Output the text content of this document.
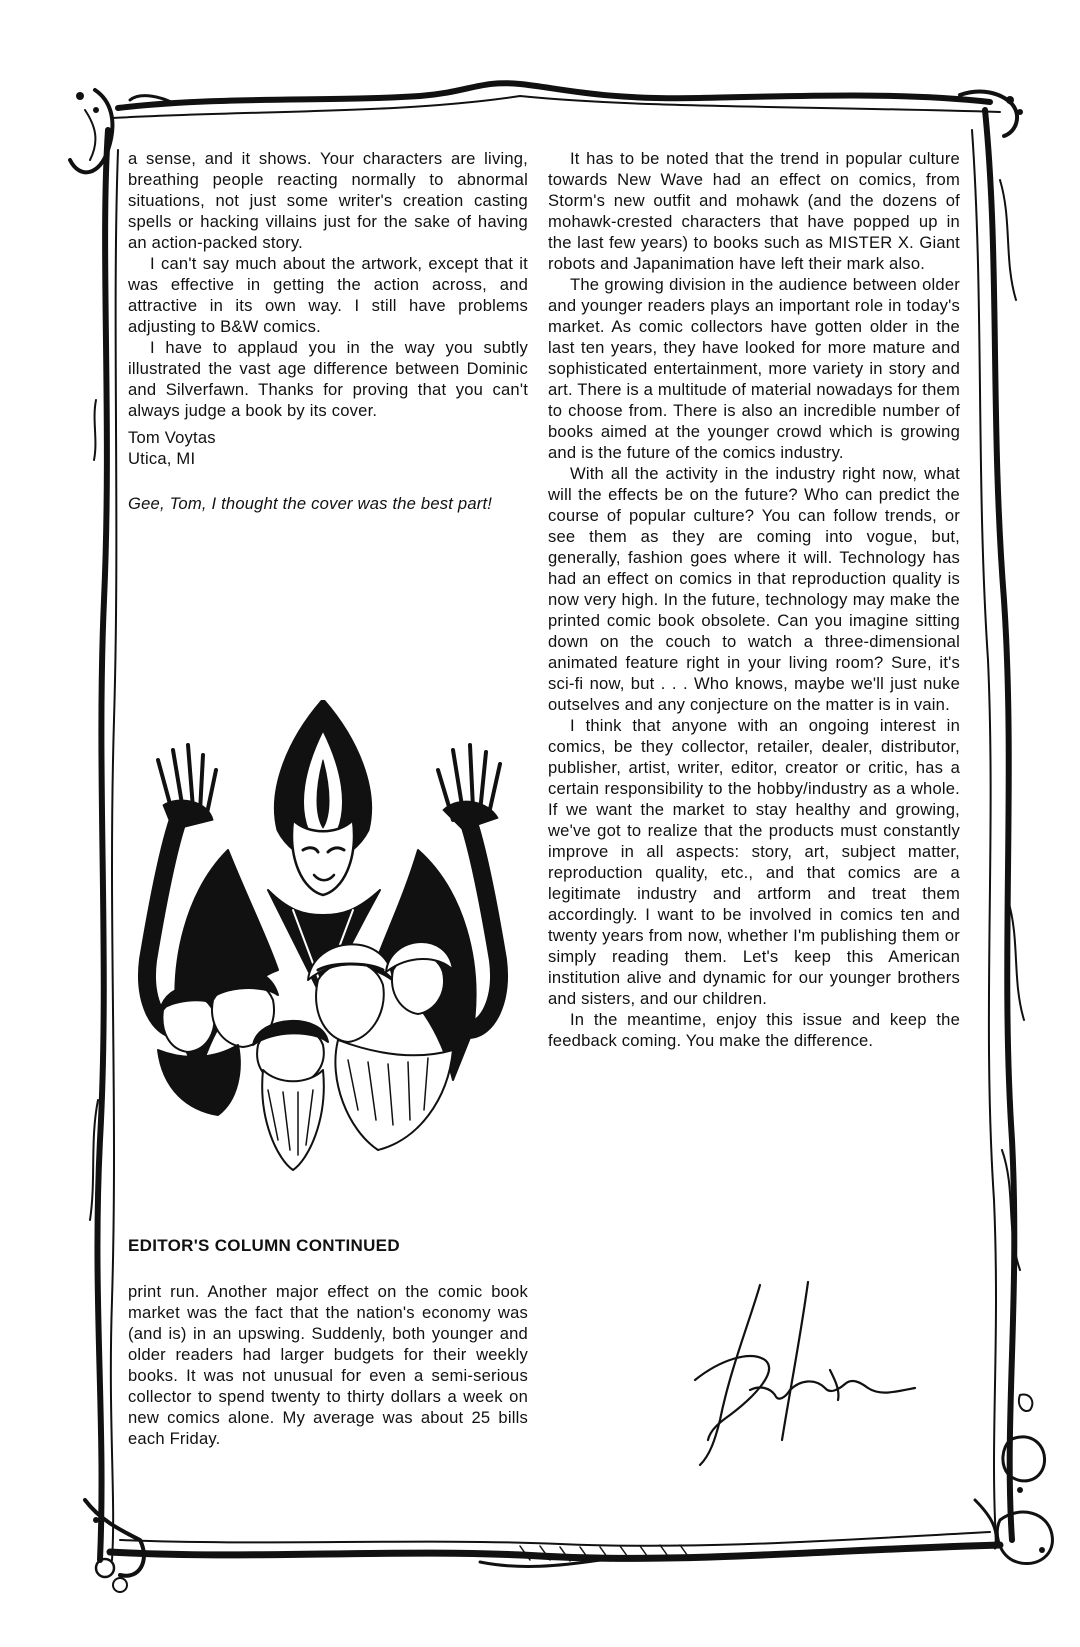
a sense, and it shows. Your characters are living, breathing people reacting normally to abnormal situations, not just some writer's creation casting spells or hacking villains just for the sake of having an action-packed story.

I can't say much about the artwork, except that it was effective in getting the action across, and attractive in its own way. I still have problems adjusting to B&W comics.

I have to applaud you in the way you subtly illustrated the vast age difference between Dominic and Silverfawn. Thanks for proving that you can't always judge a book by its cover.

Tom Voytas
Utica, MI
Gee, Tom, I thought the cover was the best part!
EDITOR'S COLUMN CONTINUED

print run. Another major effect on the comic book market was the fact that the nation's economy was (and is) in an upswing. Suddenly, both younger and older readers had larger budgets for their weekly books. It was not unusual for even a semi-serious collector to spend twenty to thirty dollars a week on new comics alone. My average was about 25 bills each Friday.

It has to be noted that the trend in popular culture towards New Wave had an effect on comics, from Storm's new outfit and mohawk (and the dozens of mohawk-crested characters that have popped up in the last few years) to books such as MISTER X. Giant robots and Japanimation have left their mark also.

The growing division in the audience between older and younger readers plays an important role in today's market. As comic collectors have gotten older in the last ten years, they have looked for more mature and sophisticated entertainment, more variety in story and art. There is a multitude of material nowadays for them to choose from. There is also an incredible number of books aimed at the younger crowd which is growing and is the future of the comics industry.

With all the activity in the industry right now, what will the effects be on the future? Who can predict the course of popular culture? You can follow trends, or see them as they are coming into vogue, but, generally, fashion goes where it will. Technology has had an effect on comics in that reproduction quality is now very high. In the future, technology may make the printed comic book obsolete. Can you imagine sitting down on the couch to watch a three-dimensional animated feature right in your living room? Sure, it's sci-fi now, but . . . Who knows, maybe we'll just nuke outselves and any conjecture on the matter is in vain.

I think that anyone with an ongoing interest in comics, be they collector, retailer, dealer, distributor, publisher, artist, writer, editor, creator or critic, has a certain responsibility to the hobby/industry as a whole. If we want the market to stay healthy and growing, we've got to realize that the products must constantly improve in all aspects: story, art, subject matter, reproduction quality, etc., and that comics are a legitimate industry and artform and treat them accordingly. I want to be involved in comics ten and twenty years from now, whether I'm publishing them or simply reading them. Let's keep this American institution alive and dynamic for our younger brothers and sisters, and our children.

In the meantime, enjoy this issue and keep the feedback coming. You make the difference.
